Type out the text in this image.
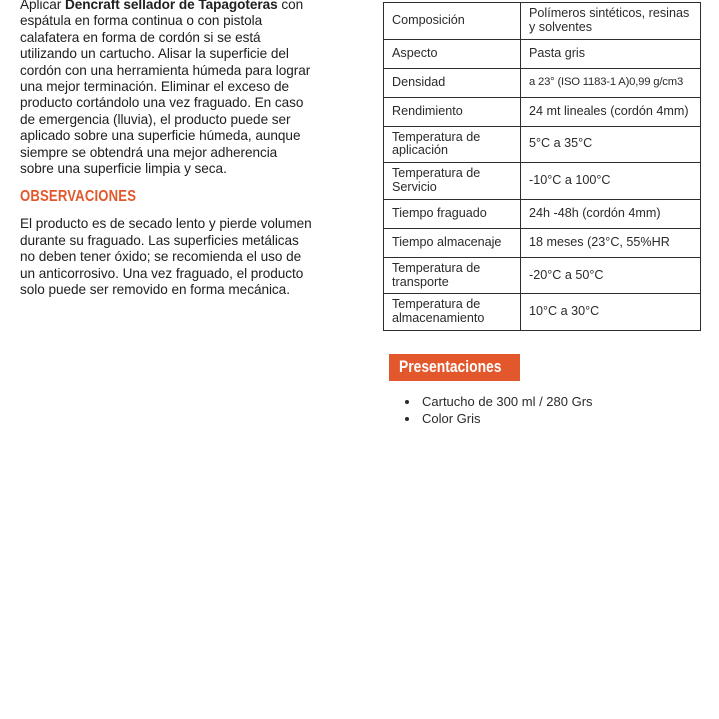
Aplicar Dencraft sellador de Tapagoteras con espátula en forma continua o con pistola calafatera en forma de cordón si se está utilizando un cartucho. Alisar la superficie del cordón con una herramienta húmeda para lograr una mejor terminación. Eliminar el exceso de producto cortándolo una vez fraguado. En caso de emergencia (lluvia), el producto puede ser aplicado sobre una superficie húmeda, aunque siempre se obtendrá una mejor adherencia sobre una superficie limpia y seca.

OBSERVACIONES

El producto es de secado lento y pierde volumen durante su fraguado. Las superficies metálicas no deben tener óxido; se recomienda el uso de un anticorrosivo. Una vez fraguado, el producto solo puede ser removido en forma mecánica.

Composición	Polímeros sintéticos, resinas y solventes

Aspecto	Pasta gris

Densidad	a 23° (ISO 1183-1 A)0,99 g/cm3

Rendimiento	24 mt lineales (cordón 4mm)

Temperatura de aplicación	5°C a 35°C

Temperatura de Servicio	-10°C a 100°C

Tiempo fraguado	24h -48h (cordón 4mm)

Tiempo almacenaje	18 meses (23°C, 55%HR

Temperatura de transporte	-20°C a 50°C

Temperatura de almacenamiento	10°C a 30°C
Presentaciones
• Cartucho de 300 ml / 280 Grs
• Color Gris
